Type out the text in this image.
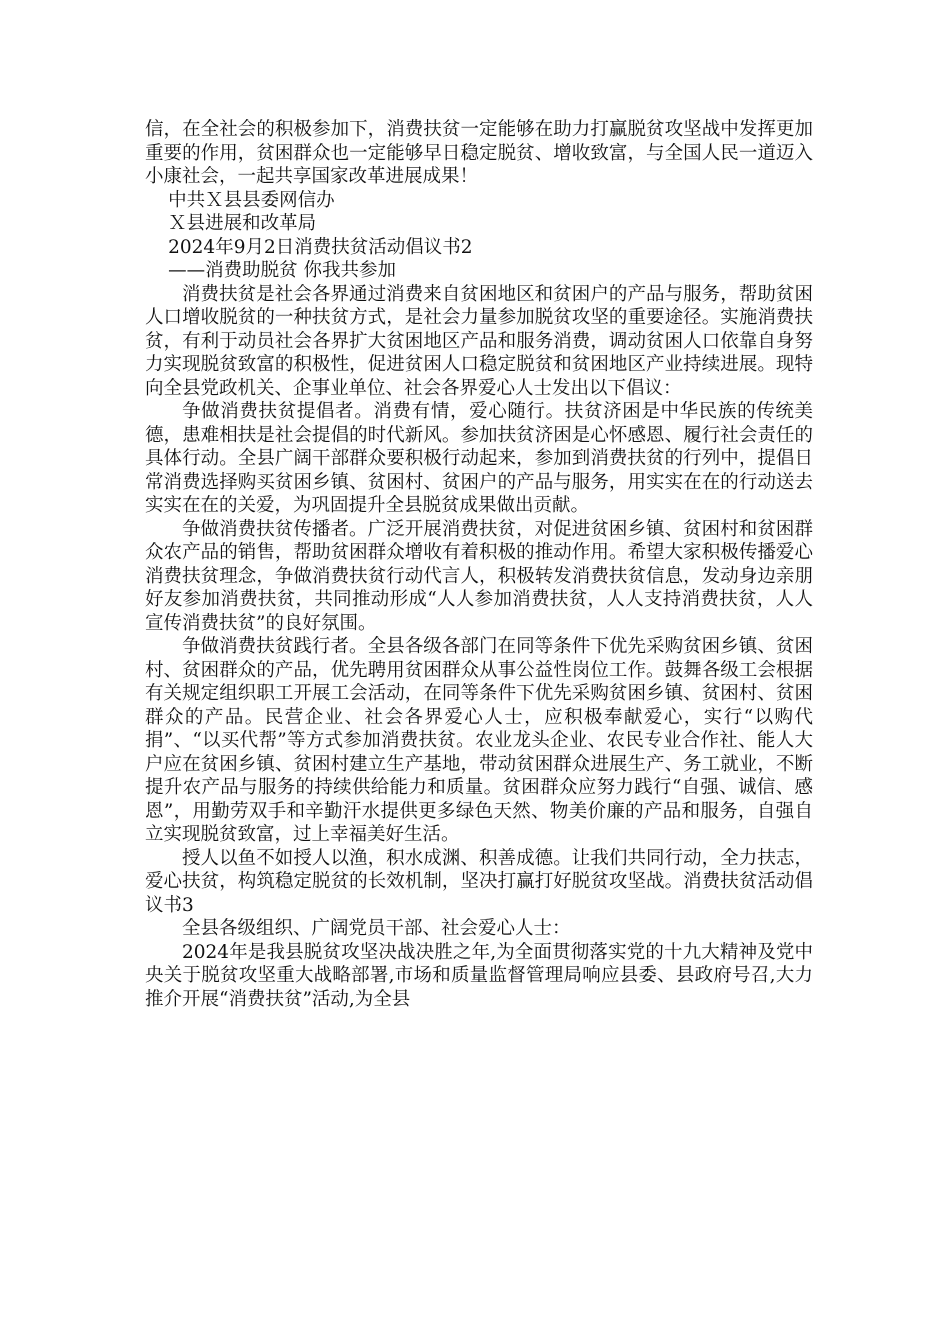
信，在全社会的积极参加下，消费扶贫一定能够在助力打赢脱贫攻坚战中发挥更加重要的作用，贫困群众也一定能够早日稳定脱贫、增收致富，与全国人民一道迈入小康社会，一起共享国家改革进展成果！

中共Ｘ县县委网信办

Ｘ县进展和改革局

2024年9月2日消费扶贫活动倡议书2

——消费助脱贫 你我共参加

消费扶贫是社会各界通过消费来自贫困地区和贫困户的产品与服务，帮助贫困人口增收脱贫的一种扶贫方式，是社会力量参加脱贫攻坚的重要途径。实施消费扶贫，有利于动员社会各界扩大贫困地区产品和服务消费，调动贫困人口依靠自身努力实现脱贫致富的积极性，促进贫困人口稳定脱贫和贫困地区产业持续进展。现特向全县党政机关、企事业单位、社会各界爱心人士发出以下倡议：

争做消费扶贫提倡者。消费有情，爱心随行。扶贫济困是中华民族的传统美德，患难相扶是社会提倡的时代新风。参加扶贫济困是心怀感恩、履行社会责任的具体行动。全县广阔干部群众要积极行动起来，参加到消费扶贫的行列中，提倡日常消费选择购买贫困乡镇、贫困村、贫困户的产品与服务，用实实在在的行动送去实实在在的关爱，为巩固提升全县脱贫成果做出贡献。

争做消费扶贫传播者。广泛开展消费扶贫，对促进贫困乡镇、贫困村和贫困群众农产品的销售，帮助贫困群众增收有着积极的推动作用。希望大家积极传播爱心消费扶贫理念，争做消费扶贫行动代言人，积极转发消费扶贫信息，发动身边亲朋好友参加消费扶贫，共同推动形成“人人参加消费扶贫，人人支持消费扶贫，人人宣传消费扶贫”的良好氛围。

争做消费扶贫践行者。全县各级各部门在同等条件下优先采购贫困乡镇、贫困村、贫困群众的产品，优先聘用贫困群众从事公益性岗位工作。鼓舞各级工会根据有关规定组织职工开展工会活动，在同等条件下优先采购贫困乡镇、贫困村、贫困群众的产品。民营企业、社会各界爱心人士，应积极奉献爱心，实行“以购代捐”、“以买代帮”等方式参加消费扶贫。农业龙头企业、农民专业合作社、能人大户应在贫困乡镇、贫困村建立生产基地，带动贫困群众进展生产、务工就业，不断提升农产品与服务的持续供给能力和质量。贫困群众应努力践行“自强、诚信、感恩”，用勤劳双手和辛勤汗水提供更多绿色天然、物美价廉的产品和服务，自强自立实现脱贫致富，过上幸福美好生活。

授人以鱼不如授人以渔，积水成渊、积善成德。让我们共同行动，全力扶志，爱心扶贫，构筑稳定脱贫的长效机制，坚决打赢打好脱贫攻坚战。消费扶贫活动倡议书3

全县各级组织、广阔党员干部、社会爱心人士：

2024年是我县脱贫攻坚决战决胜之年,为全面贯彻落实党的十九大精神及党中央关于脱贫攻坚重大战略部署,市场和质量监督管理局响应县委、县政府号召,大力推介开展“消费扶贫”活动,为全县
